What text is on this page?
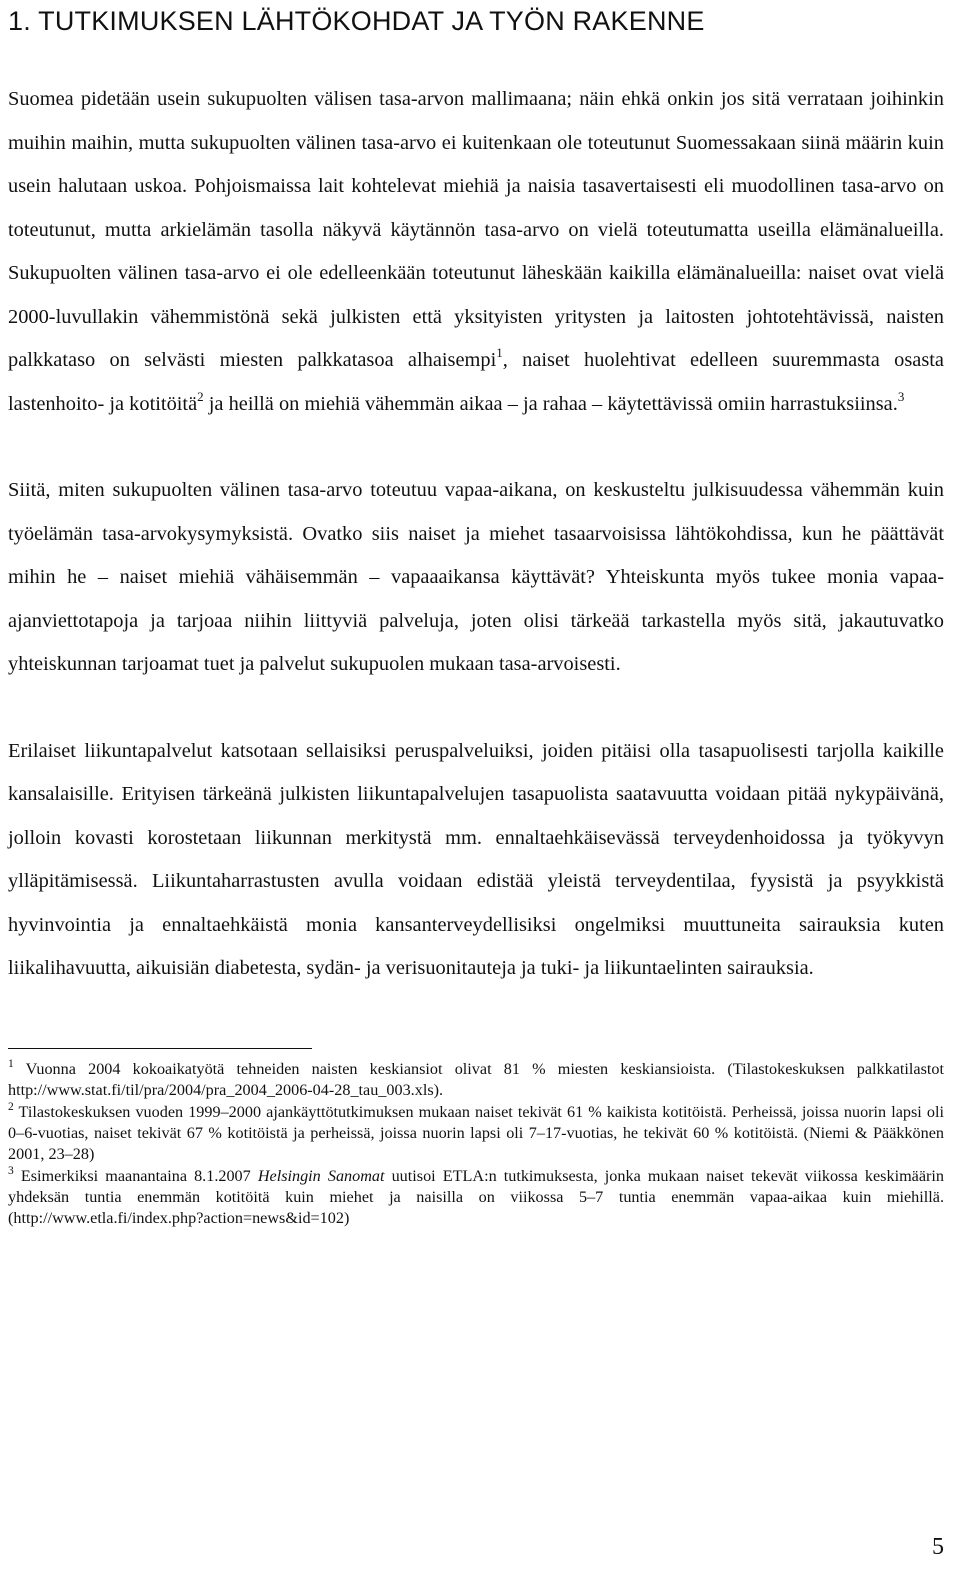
1. TUTKIMUKSEN LÄHTÖKOHDAT JA TYÖN RAKENNE

Suomea pidetään usein sukupuolten välisen tasa-arvon mallimaana; näin ehkä onkin jos sitä verrataan joihinkin muihin maihin, mutta sukupuolten välinen tasa-arvo ei kuitenkaan ole toteutunut Suomessakaan siinä määrin kuin usein halutaan uskoa. Pohjoismaissa lait kohtelevat miehiä ja naisia tasavertaisesti eli muodollinen tasa-arvo on toteutunut, mutta arkielämän tasolla näkyvä käytännön tasa-arvo on vielä toteutumatta useilla elämänalueilla. Sukupuolten välinen tasa-arvo ei ole edelleenkään toteutunut läheskään kaikilla elämänalueilla: naiset ovat vielä 2000-luvullakin vähemmistönä sekä julkisten että yksityisten yritysten ja laitosten johtotehtävissä, naisten palkkataso on selvästi miesten palkkatasoa alhaisempi$^1$, naiset huolehtivat edelleen suuremmasta osasta lastenhoito- ja kotitöitä$^2$ ja heillä on miehiä vähemmän aikaa – ja rahaa – käytettävissä omiin harrastuksiinsa.$^3$

Siitä, miten sukupuolten välinen tasa-arvo toteutuu vapaa-aikana, on keskusteltu julkisuudessa vähemmän kuin työelämän tasa-arvokysymyksistä. Ovatko siis naiset ja miehet tasaarvoisissa lähtökohdissa, kun he päättävät mihin he – naiset miehiä vähäisemmän – vapaaaikansa käyttävät? Yhteiskunta myös tukee monia vapaa-ajanviettotapoja ja tarjoaa niihin liittyviä palveluja, joten olisi tärkeää tarkastella myös sitä, jakautuvatko yhteiskunnan tarjoamat tuet ja palvelut sukupuolen mukaan tasa-arvoisesti.

Erilaiset liikuntapalvelut katsotaan sellaisiksi peruspalveluiksi, joiden pitäisi olla tasapuolisesti tarjolla kaikille kansalaisille. Erityisen tärkeänä julkisten liikuntapalvelujen tasapuolista saatavuutta voidaan pitää nykypäivänä, jolloin kovasti korostetaan liikunnan merkitystä mm. ennaltaehkäisevässä terveydenhoidossa ja työkyvyn ylläpitämisessä. Liikuntaharrastusten avulla voidaan edistää yleistä terveydentilaa, fyysistä ja psyykkistä hyvinvointia ja ennaltaehkäistä monia kansanterveydellisiksi ongelmiksi muuttuneita sairauksia kuten liikalihavuutta, aikuisiän diabetesta, sydän- ja verisuonitauteja ja tuki- ja liikuntaelinten sairauksia.

$^1$ Vuonna 2004 kokoaikatyötä tehneiden naisten keskiansiot olivat 81 % miesten keskiansioista. (Tilastokeskuksen palkkatilastot http://www.stat.fi/til/pra/2004/pra_2004_2006-04-28_tau_003.xls).

$^2$ Tilastokeskuksen vuoden 1999–2000 ajankäyttötutkimuksen mukaan naiset tekivät 61 % kaikista kotitöistä. Perheissä, joissa nuorin lapsi oli 0–6-vuotias, naiset tekivät 67 % kotitöistä ja perheissä, joissa nuorin lapsi oli 7–17-vuotias, he tekivät 60 % kotitöistä. (Niemi & Pääkkönen 2001, 23–28)

$^3$ Esimerkiksi maanantaina 8.1.2007 Helsingin Sanomat uutisoi ETLA:n tutkimuksesta, jonka mukaan naiset tekevät viikossa keskimäärin yhdeksän tuntia enemmän kotitöitä kuin miehet ja naisilla on viikossa 5–7 tuntia enemmän vapaa-aikaa kuin miehillä. (http://www.etla.fi/index.php?action=news&id=102)

5
